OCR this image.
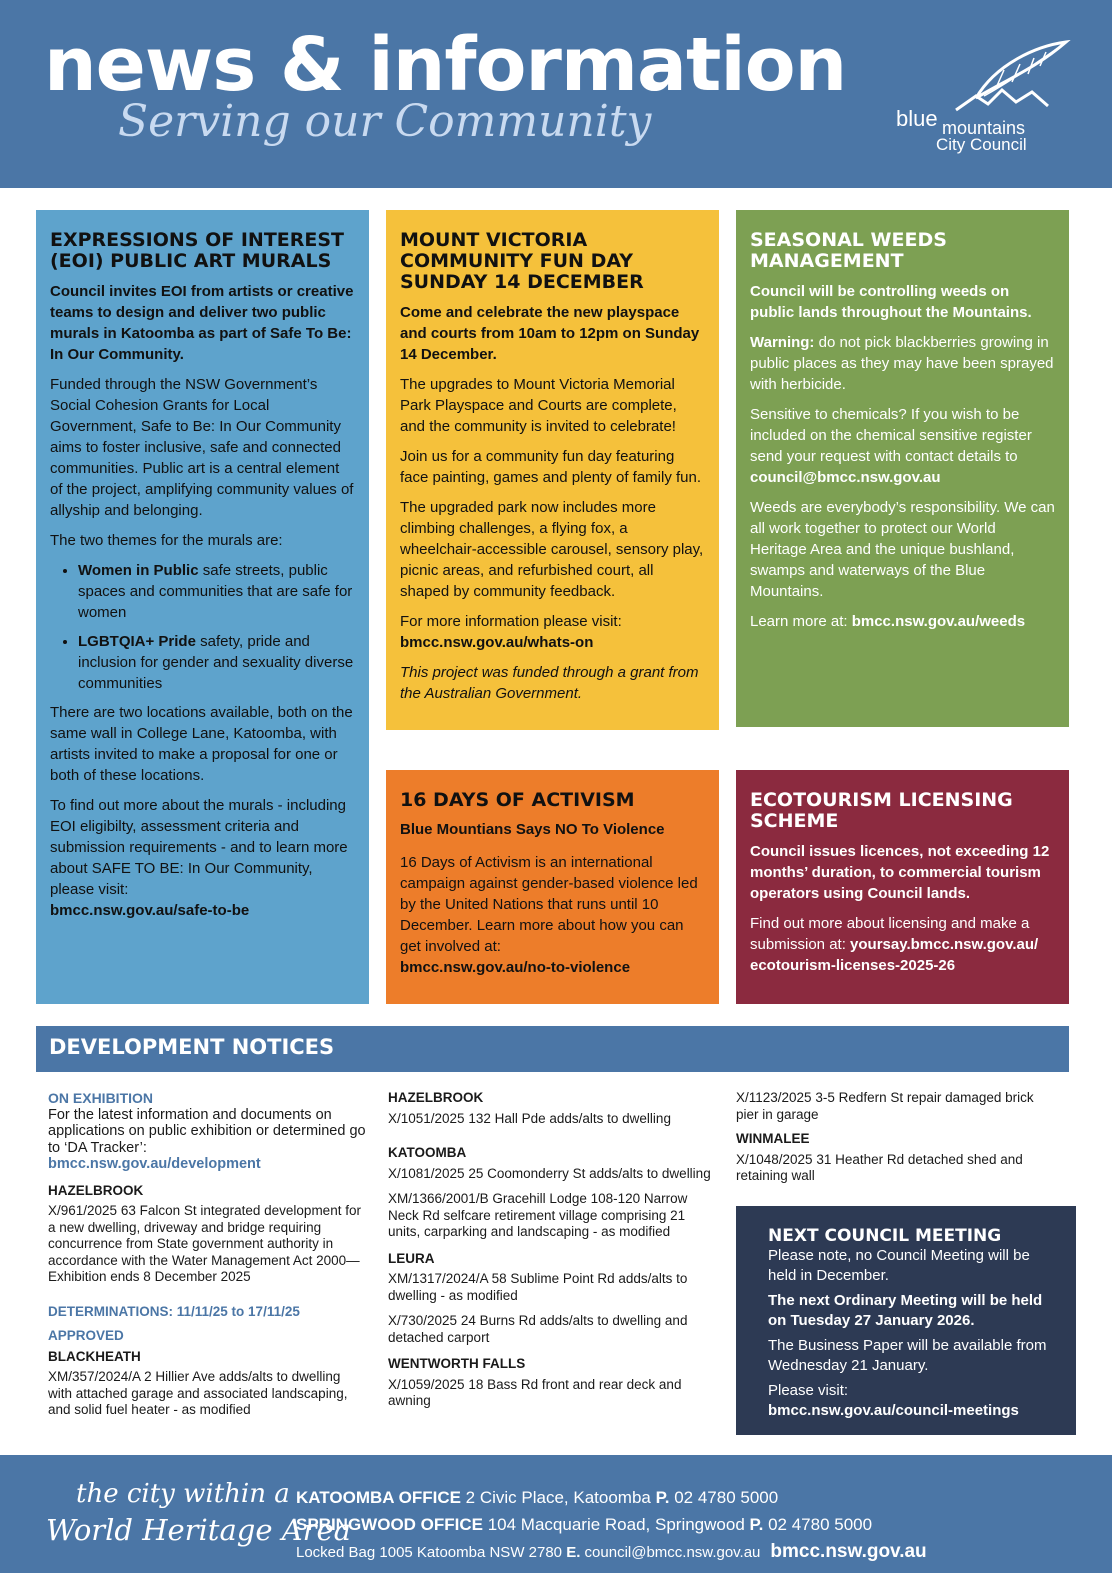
news & information
Serving our Community	blue mountains
City Council
EXPRESSIONS OF INTEREST (EOI) PUBLIC ART MURALS

Council invites EOI from artists or creative teams to design and deliver two public murals in Katoomba as part of Safe To Be: In Our Community.

Funded through the NSW Government’s Social Cohesion Grants for Local Government, Safe to Be: In Our Community aims to foster inclusive, safe and connected communities. Public art is a central element of the project, amplifying community values of allyship and belonging.

The two themes for the murals are:

• Women in Public safe streets, public spaces and communities that are safe for women
• LGBTQIA+ Pride safety, pride and inclusion for gender and sexuality diverse communities

There are two locations available, both on the same wall in College Lane, Katoomba, with artists invited to make a proposal for one or both of these locations.

To find out more about the murals - including EOI eligibilty, assessment criteria and submission requirements - and to learn more about SAFE TO BE: In Our Community, please visit:

bmcc.nsw.gov.au/safe-to-be

MOUNT VICTORIA COMMUNITY FUN DAY SUNDAY 14 DECEMBER

Come and celebrate the new playspace and courts from 10am to 12pm on Sunday 14 December.

The upgrades to Mount Victoria Memorial Park Playspace and Courts are complete, and the community is invited to celebrate!

Join us for a community fun day featuring face painting, games and plenty of family fun.

The upgraded park now includes more climbing challenges, a flying fox, a wheelchair-accessible carousel, sensory play, picnic areas, and refurbished court, all shaped by community feedback.

For more information please visit:

bmcc.nsw.gov.au/whats-on

This project was funded through a grant from the Australian Government.

SEASONAL WEEDS MANAGEMENT

Council will be controlling weeds on public lands throughout the Mountains.

Warning: do not pick blackberries growing in public places as they may have been sprayed with herbicide.

Sensitive to chemicals? If you wish to be included on the chemical sensitive register send your request with contact details to
council@bmcc.nsw.gov.au

Weeds are everybody’s responsibility. We can all work together to protect our World Heritage Area and the unique bushland, swamps and waterways of the Blue Mountains.

Learn more at: bmcc.nsw.gov.au/weeds

16 DAYS OF ACTIVISM

Blue Mountians Says NO To Violence

16 Days of Activism is an international campaign against gender-based violence led by the United Nations that runs until 10 December. Learn more about how you can get involved at:

bmcc.nsw.gov.au/no-to-violence

ECOTOURISM LICENSING SCHEME

Council issues licences, not exceeding 12 months’ duration, to commercial tourism operators using Council lands.

Find out more about licensing and make a submission at: yoursay.bmcc.nsw.gov.au/ ecotourism-licenses-2025-26

DEVELOPMENT NOTICES
ON EXHIBITION
For the latest information and documents on applications on public exhibition or determined go to ‘DA Tracker’:
bmcc.nsw.gov.au/development
HAZELBROOK
X/961/2025 63 Falcon St integrated development for a new dwelling, driveway and bridge requiring concurrence from State government authority in accordance with the Water Management Act 2000— Exhibition ends 8 December 2025
DETERMINATIONS: 11/11/25 to 17/11/25
APPROVED
BLACKHEATH
XM/357/2024/A 2 Hillier Ave adds/alts to dwelling with attached garage and associated landscaping, and solid fuel heater - as modified
HAZELBROOK
X/1051/2025 132 Hall Pde adds/alts to dwelling
KATOOMBA
X/1081/2025 25 Coomonderry St adds/alts to dwelling
XM/1366/2001/B Gracehill Lodge 108-120 Narrow Neck Rd selfcare retirement village comprising 21 units, carparking and landscaping - as modified
LEURA
XM/1317/2024/A 58 Sublime Point Rd adds/alts to dwelling - as modified
X/730/2025 24 Burns Rd adds/alts to dwelling and detached carport
WENTWORTH FALLS
X/1059/2025 18 Bass Rd front and rear deck and awning
X/1123/2025 3-5 Redfern St repair damaged brick pier in garage
WINMALEE
X/1048/2025 31 Heather Rd detached shed and retaining wall
NEXT COUNCIL MEETING

Please note, no Council Meeting will be held in December.

The next Ordinary Meeting will be held on Tuesday 27 January 2026.

The Business Paper will be available from Wednesday 21 January.

Please visit:

bmcc.nsw.gov.au/council-meetings

the city within a
World Heritage Area
KATOOMBA OFFICE 2 Civic Place, Katoomba P. 02 4780 5000
SPRINGWOOD OFFICE 104 Macquarie Road, Springwood P. 02 4780 5000
Locked Bag 1005 Katoomba NSW 2780 E. council@bmcc.nsw.gov.au bmcc.nsw.gov.au
